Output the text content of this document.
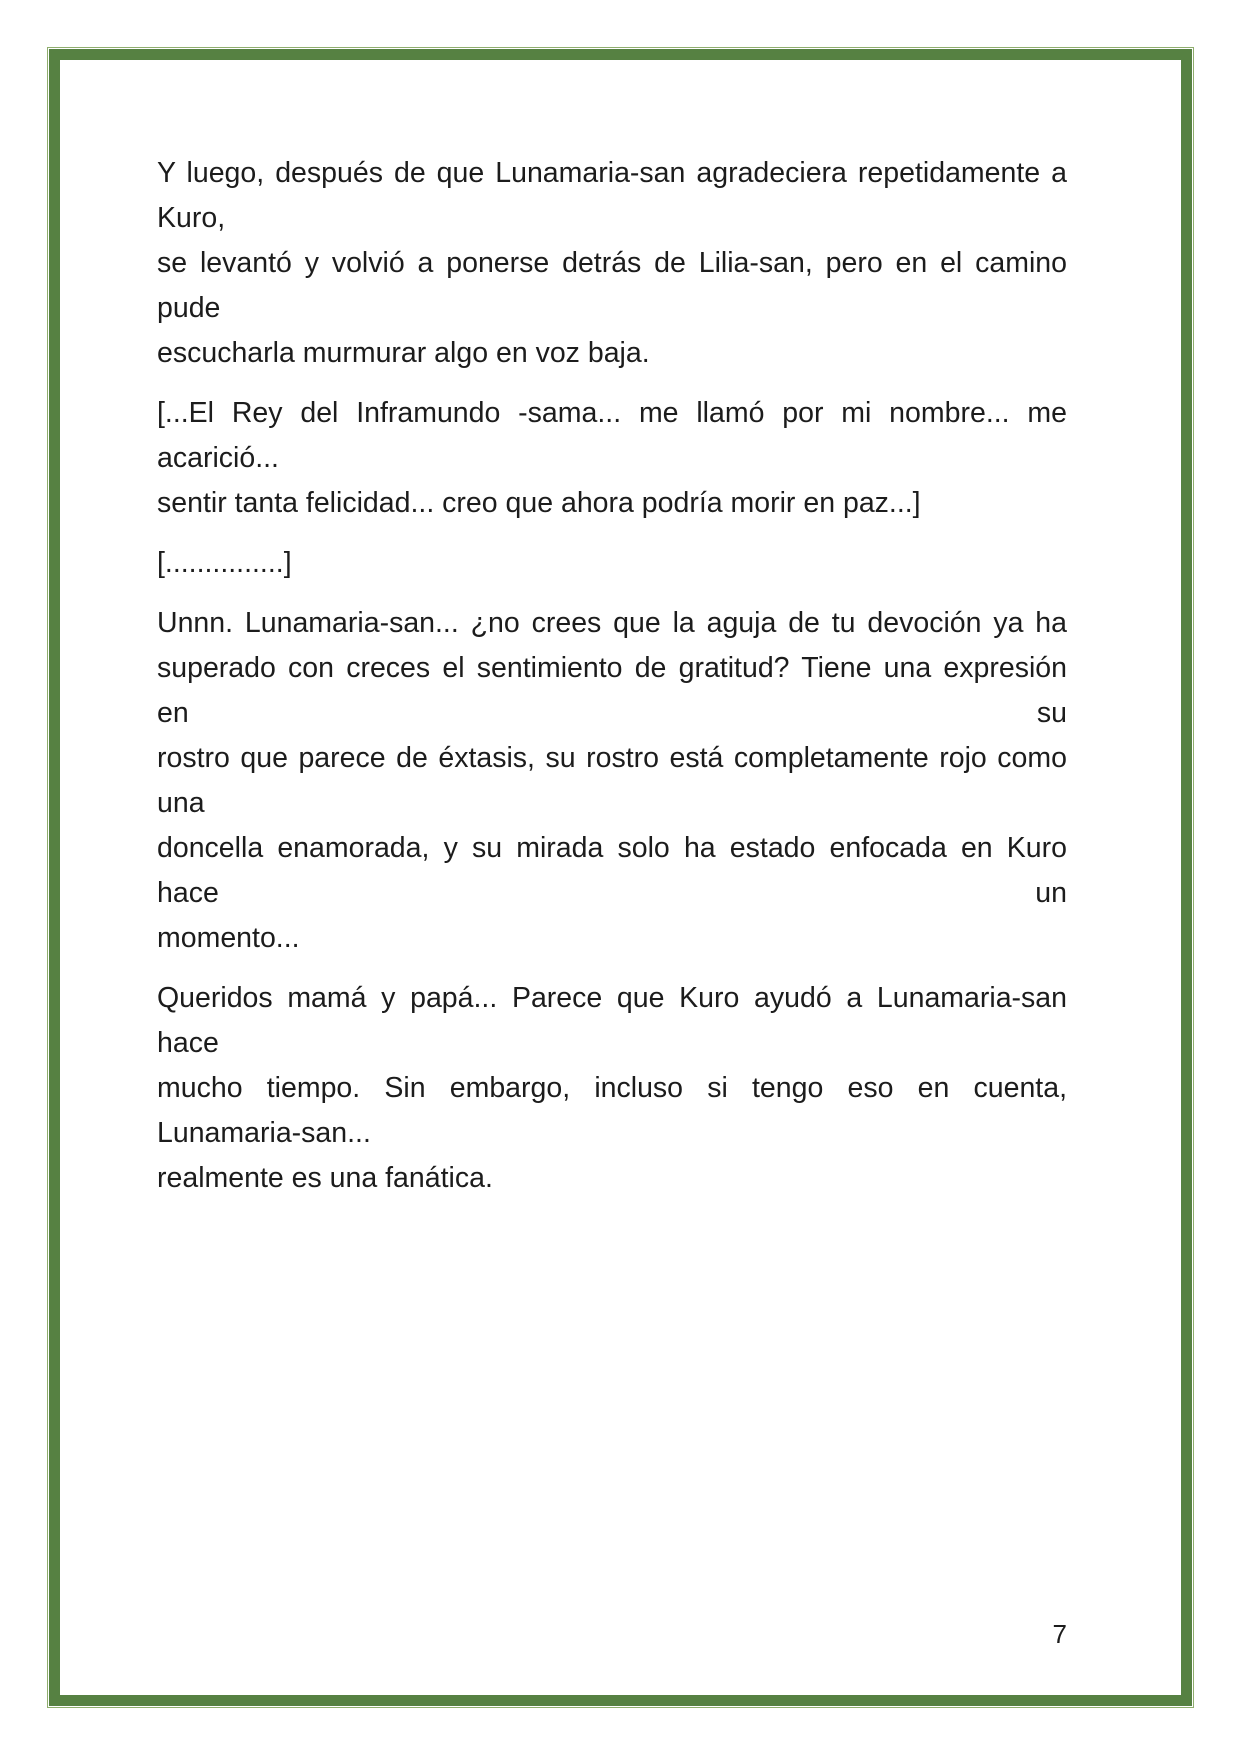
Y luego, después de que Lunamaria-san agradeciera repetidamente a Kuro,
se levantó y volvió a ponerse detrás de Lilia-san, pero en el camino pude
escucharla murmurar algo en voz baja.
[...El Rey del Inframundo -sama... me llamó por mi nombre... me acarició...
sentir tanta felicidad... creo que ahora podría morir en paz...]
[...............]
Unnn. Lunamaria-san... ¿no crees que la aguja de tu devoción ya ha
superado con creces el sentimiento de gratitud? Tiene una expresión en su
rostro que parece de éxtasis, su rostro está completamente rojo como una
doncella enamorada, y su mirada solo ha estado enfocada en Kuro hace un
momento...
Queridos mamá y papá... Parece que Kuro ayudó a Lunamaria-san hace
mucho tiempo. Sin embargo, incluso si tengo eso en cuenta, Lunamaria-san...
realmente es una fanática.
7
